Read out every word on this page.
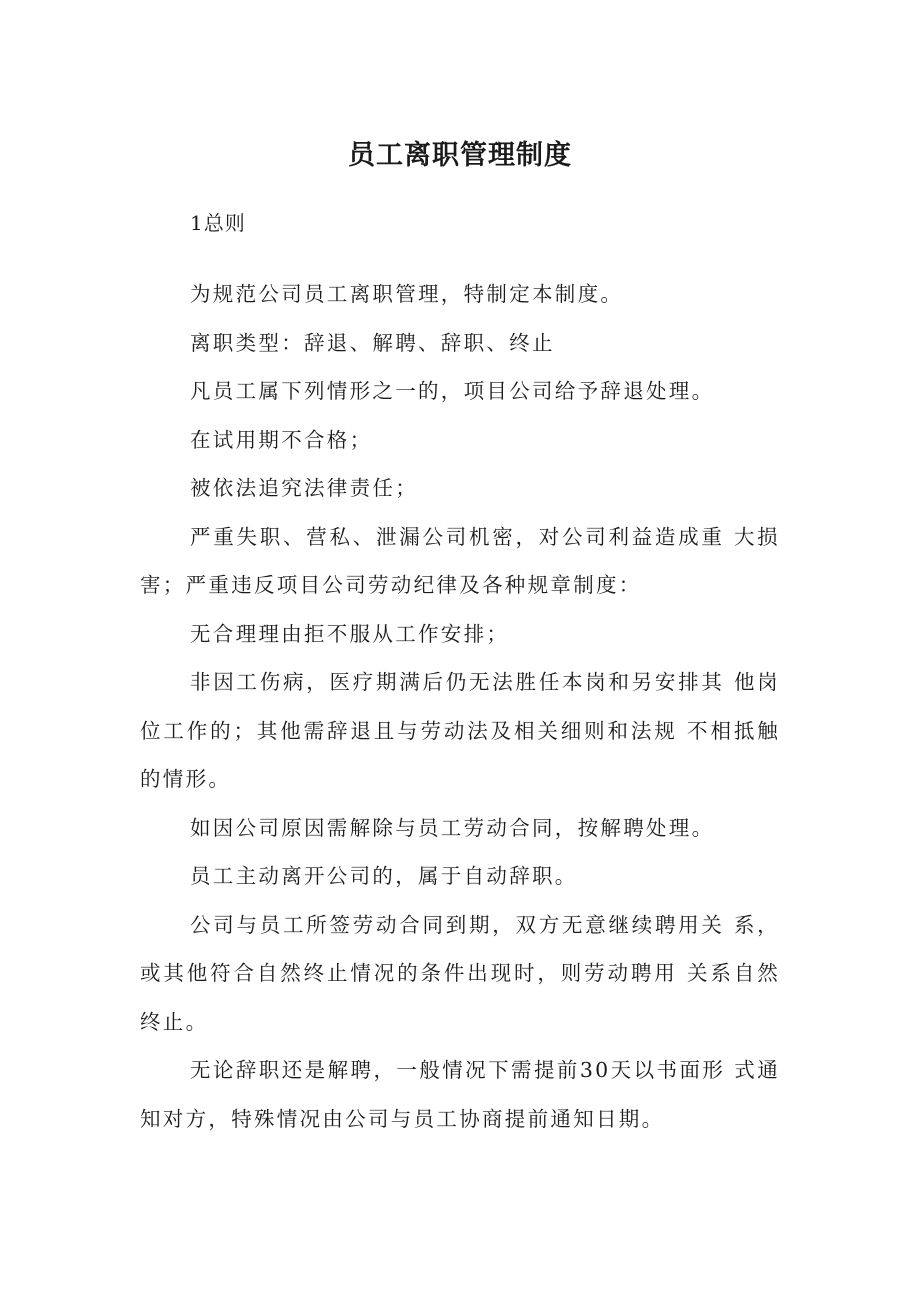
员工离职管理制度

1总则

为规范公司员工离职管理，特制定本制度。

离职类型：辞退、解聘、辞职、终止

凡员工属下列情形之一的，项目公司给予辞退处理。

在试用期不合格；

被依法追究法律责任；

严重失职、营私、泄漏公司机密，对公司利益造成重 大损害；严重违反项目公司劳动纪律及各种规章制度：

无合理理由拒不服从工作安排；

非因工伤病，医疗期满后仍无法胜任本岗和另安排其 他岗位工作的；其他需辞退且与劳动法及相关细则和法规 不相抵触的情形。

如因公司原因需解除与员工劳动合同，按解聘处理。

员工主动离开公司的，属于自动辞职。

公司与员工所签劳动合同到期，双方无意继续聘用关 系，或其他符合自然终止情况的条件出现时，则劳动聘用 关系自然终止。

无论辞职还是解聘，一般情况下需提前30天以书面形 式通知对方，特殊情况由公司与员工协商提前通知日期。
